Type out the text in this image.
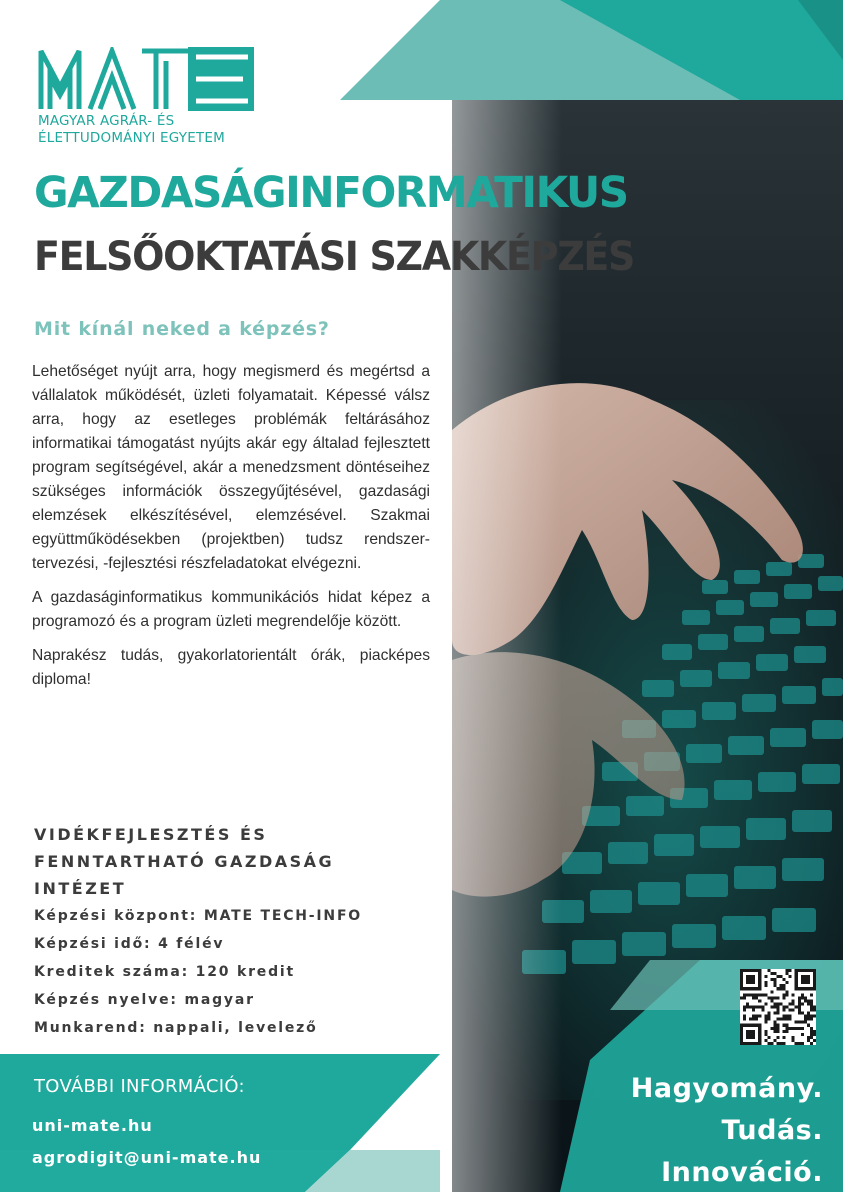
MAGYAR AGRÁR- ÉS
ÉLETTUDOMÁNYI EGYETEM
GAZDASÁGINFORMATIKUS
FELSŐOKTATÁSI SZAKKÉPZÉS
Mit kínál neked a képzés?

Lehetőséget nyújt arra, hogy megismerd és megértsd a vállalatok működését, üzleti folyamatait. Képessé válsz arra, hogy az esetleges problémák feltárásához informatikai támogatást nyújts akár egy általad fejlesztett program segítségével, akár a menedzsment döntéseihez szükséges információk összegyűjtésével, gazdasági elemzések elkészítésével, elemzésével. Szakmai együttműködésekben (projektben) tudsz rendszer-tervezési, -fejlesztési részfeladatokat elvégezni.

A gazdaságinformatikus kommunikációs hidat képez a programozó és a program üzleti megrendelője között.

Naprakész tudás, gyakorlatorientált órák, piacképes diploma!

VIDÉKFEJLESZTÉS ÉS FENNTARTHATÓ GAZDASÁG INTÉZET
Képzési központ: MATE TECH-INFO
Képzési idő: 4 félév
Kreditek száma: 120 kredit
Képzés nyelve: magyar
Munkarend: nappali, levelező
TOVÁBBI INFORMÁCIÓ:
uni-mate.hu
agrodigit@uni-mate.hu
Hagyomány.
Tudás.
Innováció.
